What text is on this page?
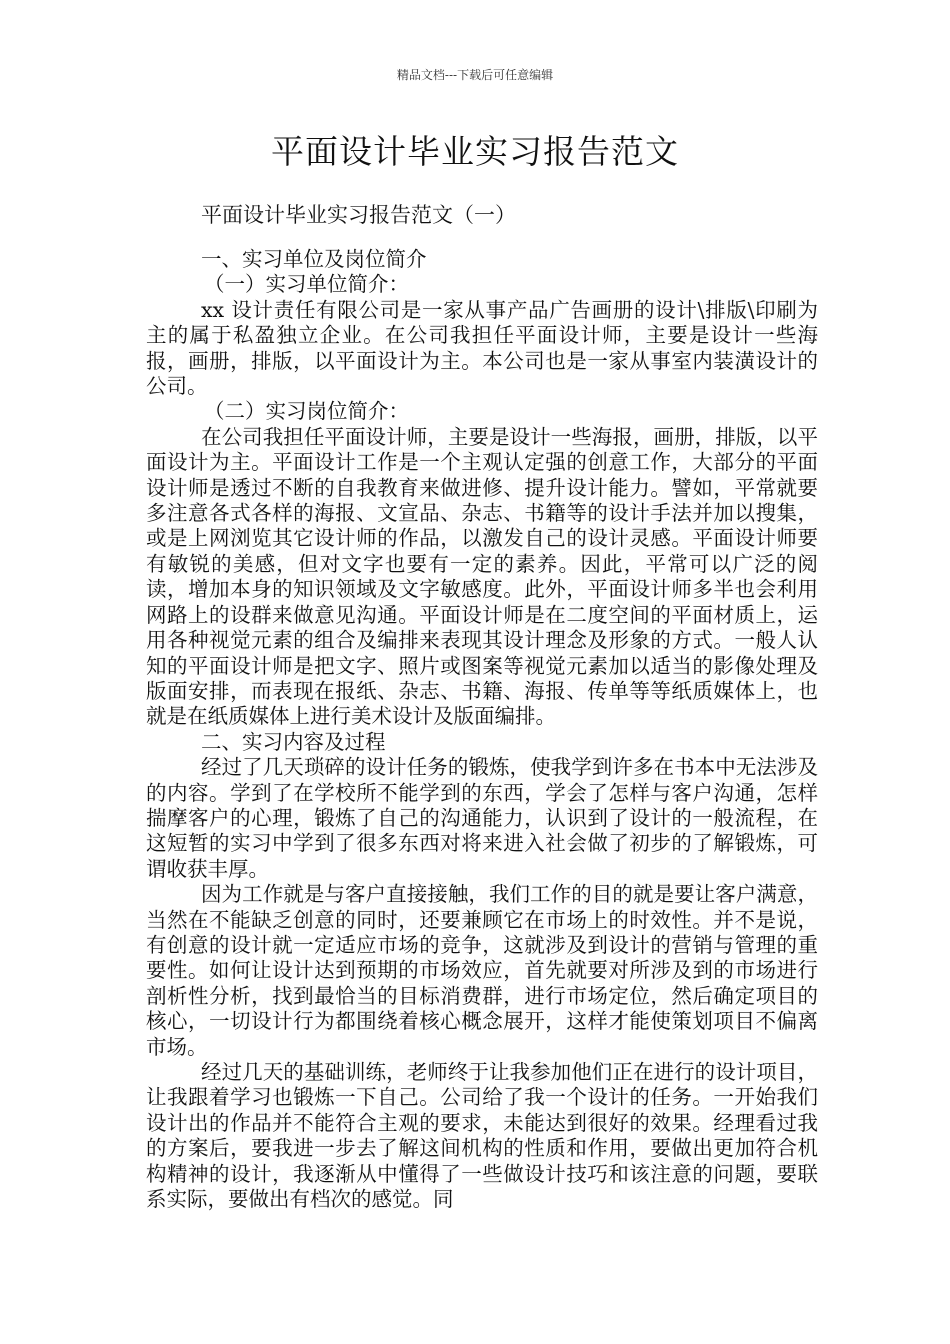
精品文档---下载后可任意编辑
平面设计毕业实习报告范文
平面设计毕业实习报告范文（一）

一、实习单位及岗位简介

（一）实习单位简介：

xx 设计责任有限公司是一家从事产品广告画册的设计\排版\印刷为主的属于私盈独立企业。在公司我担任平面设计师，主要是设计一些海报，画册，排版，以平面设计为主。本公司也是一家从事室内装潢设计的公司。

（二）实习岗位简介：

在公司我担任平面设计师，主要是设计一些海报，画册，排版，以平面设计为主。平面设计工作是一个主观认定强的创意工作，大部分的平面设计师是透过不断的自我教育来做进修、提升设计能力。譬如，平常就要多注意各式各样的海报、文宣品、杂志、书籍等的设计手法并加以搜集，或是上网浏览其它设计师的作品，以激发自己的设计灵感。平面设计师要有敏锐的美感，但对文字也要有一定的素养。因此，平常可以广泛的阅读，增加本身的知识领域及文字敏感度。此外，平面设计师多半也会利用网路上的设群来做意见沟通。平面设计师是在二度空间的平面材质上，运用各种视觉元素的组合及编排来表现其设计理念及形象的方式。一般人认知的平面设计师是把文字、照片或图案等视觉元素加以适当的影像处理及版面安排，而表现在报纸、杂志、书籍、海报、传单等等纸质媒体上，也就是在纸质媒体上进行美术设计及版面编排。

二、实习内容及过程

经过了几天琐碎的设计任务的锻炼，使我学到许多在书本中无法涉及的内容。学到了在学校所不能学到的东西，学会了怎样与客户沟通，怎样揣摩客户的心理，锻炼了自己的沟通能力，认识到了设计的一般流程，在这短暂的实习中学到了很多东西对将来进入社会做了初步的了解锻炼，可谓收获丰厚。

因为工作就是与客户直接接触，我们工作的目的就是要让客户满意，当然在不能缺乏创意的同时，还要兼顾它在市场上的时效性。并不是说，有创意的设计就一定适应市场的竞争，这就涉及到设计的营销与管理的重要性。如何让设计达到预期的市场效应，首先就要对所涉及到的市场进行剖析性分析，找到最恰当的目标消费群，进行市场定位，然后确定项目的核心，一切设计行为都围绕着核心概念展开，这样才能使策划项目不偏离市场。

经过几天的基础训练，老师终于让我参加他们正在进行的设计项目，让我跟着学习也锻炼一下自己。公司给了我一个设计的任务。一开始我们设计出的作品并不能符合主观的要求，未能达到很好的效果。经理看过我的方案后，要我进一步去了解这间机构的性质和作用，要做出更加符合机构精神的设计，我逐渐从中懂得了一些做设计技巧和该注意的问题，要联系实际，要做出有档次的感觉。同
